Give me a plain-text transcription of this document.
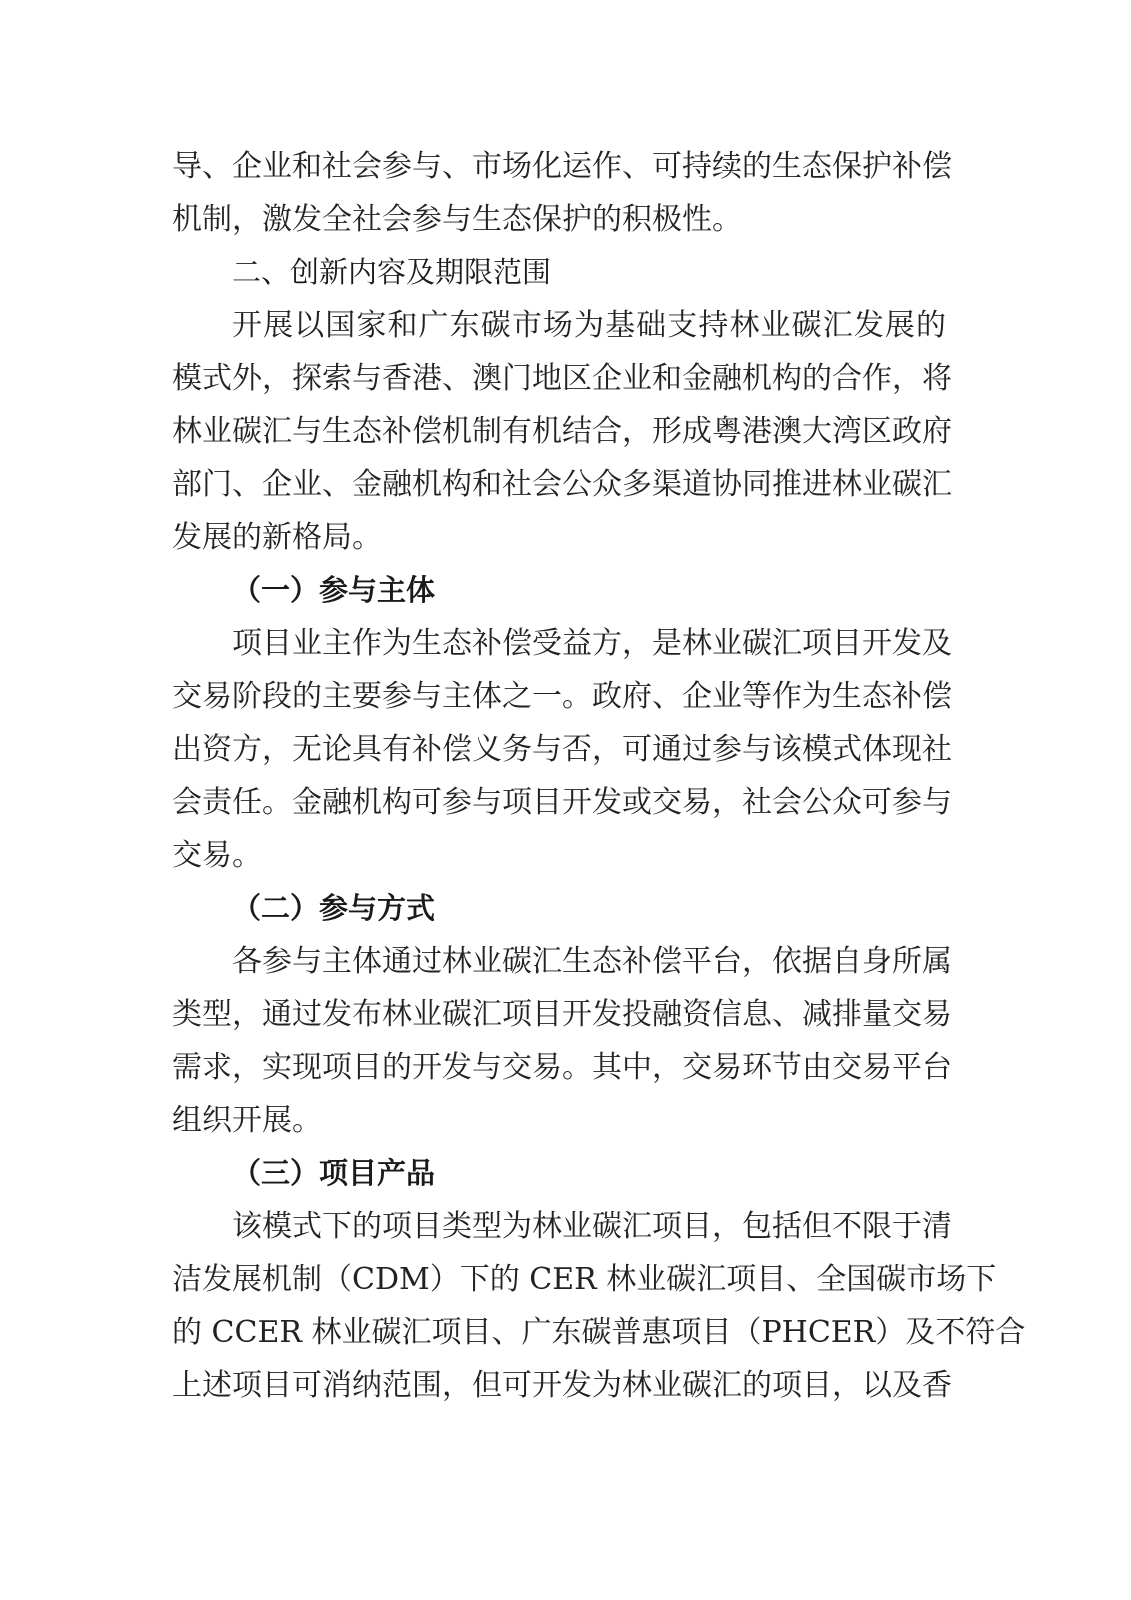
导、企业和社会参与、市场化运作、可持续的生态保护补偿
机制，激发全社会参与生态保护的积极性。
二、创新内容及期限范围
开展以国家和广东碳市场为基础支持林业碳汇发展的
模式外，探索与香港、澳门地区企业和金融机构的合作，将
林业碳汇与生态补偿机制有机结合，形成粤港澳大湾区政府
部门、企业、金融机构和社会公众多渠道协同推进林业碳汇
发展的新格局。
（一）参与主体
项目业主作为生态补偿受益方，是林业碳汇项目开发及
交易阶段的主要参与主体之一。政府、企业等作为生态补偿
出资方，无论具有补偿义务与否，可通过参与该模式体现社
会责任。金融机构可参与项目开发或交易，社会公众可参与
交易。
（二）参与方式
各参与主体通过林业碳汇生态补偿平台，依据自身所属
类型，通过发布林业碳汇项目开发投融资信息、减排量交易
需求，实现项目的开发与交易。其中，交易环节由交易平台
组织开展。
（三）项目产品
该模式下的项目类型为林业碳汇项目，包括但不限于清
洁发展机制（CDM）下的 CER 林业碳汇项目、全国碳市场下
的 CCER 林业碳汇项目、广东碳普惠项目（PHCER）及不符合
上述项目可消纳范围，但可开发为林业碳汇的项目，以及香
